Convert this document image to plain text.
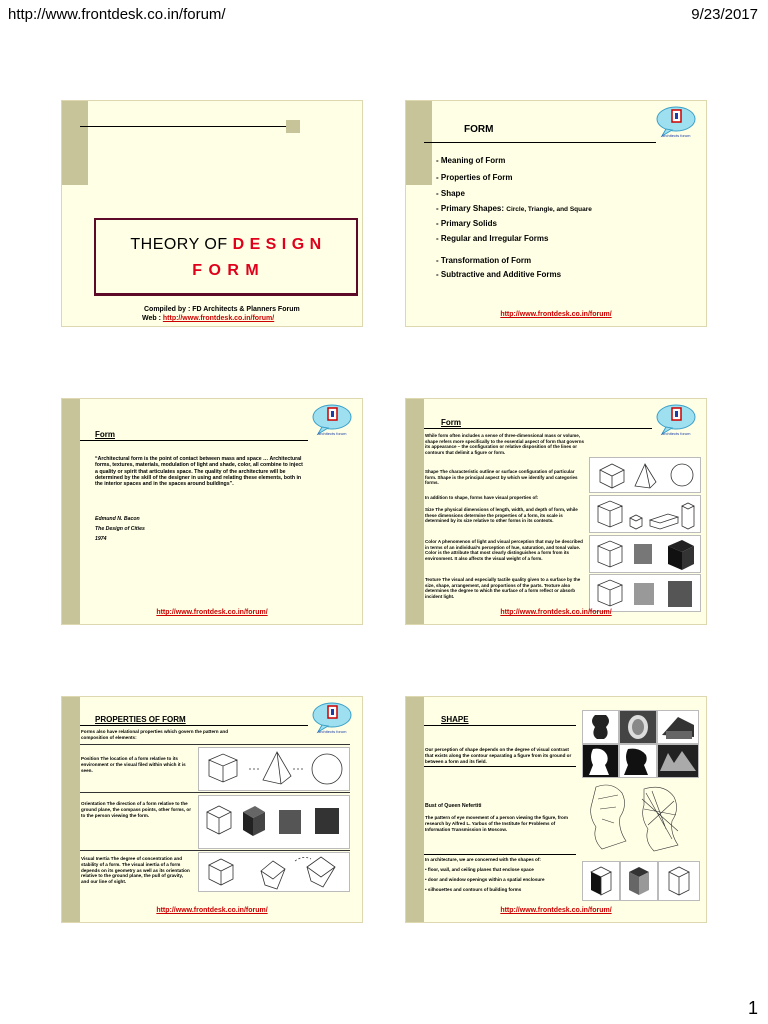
http://www.frontdesk.co.in/forum/	9/23/2017
THEORY OF D E S I G N
F O R M
Compiled by : FD Architects & Planners Forum
Web : http://www.frontdesk.co.in/forum/
FORM
Architects forum
- Meaning of Form
- Properties of Form
- Shape
- Primary Shapes: Circle, Triangle, and Square
- Primary Solids
- Regular and Irregular Forms
- Transformation of Form
- Subtractive and Additive Forms
http://www.frontdesk.co.in/forum/
Form	Architects forum
“Architectural form is the point of contact between mass and space … Architectural forms, textures, materials, modulation of light and shade, color, all combine to inject a quality or spirit that articulates space. The quality of the architecture will be determined by the skill of the designer in using and relating these elements, both in the interior spaces and in the spaces around buildings”.
Edmund N. Bacon
The Design of Cities
1974
http://www.frontdesk.co.in/forum/
Form
Architects forum
While form often includes a sense of three-dimensional mass or volume, shape refers more specifically to the essential aspect of form that governs its appearance – the configuration or relative disposition of the lines or contours that delimit a figure or form.
Shape The characteristic outline or surface configuration of particular form. Shape is the principal aspect by which we identify and categories forms.
In addition to shape, forms have visual properties of:
Size The physical dimensions of length, width, and depth of form, while these dimensions determine the properties of a form, its scale is determined by its size relative to other forms in its contexts.
Color A phenomenon of light and visual perception that may be described in terms of an individual’s perception of hue, saturation, and tonal value. Color is the attribute that most clearly distinguishes a form from its environment. It also affects the visual weight of a form.
Texture The visual and especially tactile quality given to a surface by the size, shape, arrangement, and proportions of the parts. Texture also determines the degree to which the surface of a form reflect or absorb incident light.
http://www.frontdesk.co.in/forum/
PROPERTIES OF FORM
Architects forum
Forms also have relational properties which govern the pattern and composition of elements:
Position The location of a form relative to its environment or the visual filed within which it is seen.
Orientation The direction of a form relative to the ground plane, the compass points, other forms, or to the person viewing the form.
Visual Inertia The degree of concentration and stability of a form. The visual inertia of a form depends on its geometry as well as its orientation relative to the ground plane, the pull of gravity, and our line of sight.
http://www.frontdesk.co.in/forum/
SHAPE
Our perception of shape depends on the degree of visual contrast that exists along the contour separating a figure from its ground or between a form and its field.
Bust of Queen Nefertiti
The pattern of eye movement of a person viewing the figure, from research by Alfred L. Yarbus of the Institute for Problems of Information Transmission in Moscow.
In architecture, we are concerned with the shapes of:
• floor, wall, and ceiling planes that enclose space
• door and window openings within a spatial enclosure
• silhouettes and contours of building forms
http://www.frontdesk.co.in/forum/
1
